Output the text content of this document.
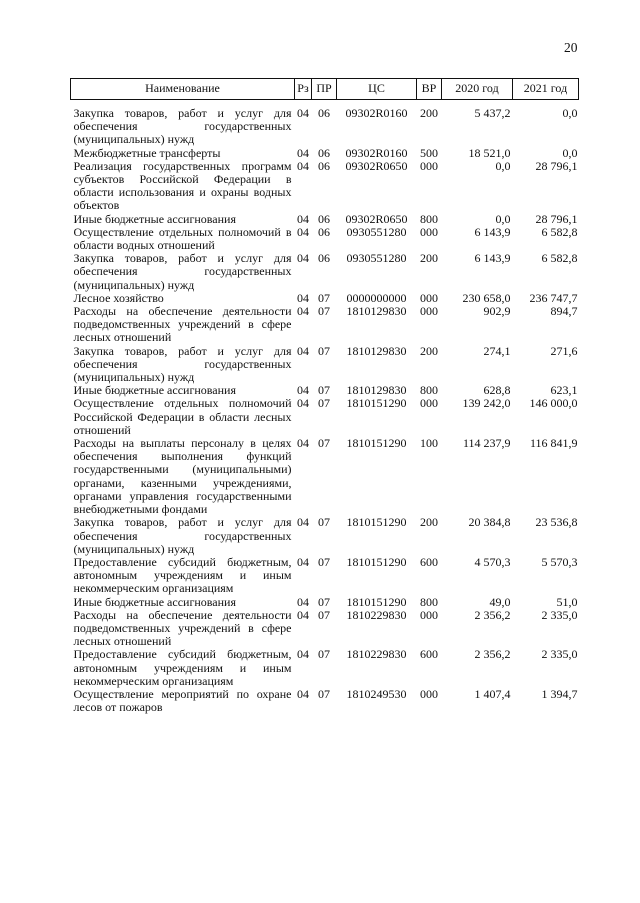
20
Наименование	Рз	ПР	ЦС	ВР	2020 год	2021 год
Закупка товаров, работ и услуг для обеспечения государственных (муниципальных) нужд	04	06	09302R0160	200	5 437,2	0,0
Межбюджетные трансферты	04	06	09302R0160	500	18 521,0	0,0
Реализация государственных программ субъектов Российской Федерации в области использования и охраны водных объектов	04	06	09302R0650	000	0,0	28 796,1
Иные бюджетные ассигнования	04	06	09302R0650	800	0,0	28 796,1
Осуществление отдельных полномочий в области водных отношений	04	06	0930551280	000	6 143,9	6 582,8
Закупка товаров, работ и услуг для обеспечения государственных (муниципальных) нужд	04	06	0930551280	200	6 143,9	6 582,8
Лесное хозяйство	04	07	0000000000	000	230 658,0	236 747,7
Расходы на обеспечение деятельности подведомственных учреждений в сфере лесных отношений	04	07	1810129830	000	902,9	894,7
Закупка товаров, работ и услуг для обеспечения государственных (муниципальных) нужд	04	07	1810129830	200	274,1	271,6
Иные бюджетные ассигнования	04	07	1810129830	800	628,8	623,1
Осуществление отдельных полномочий Российской Федерации в области лесных отношений	04	07	1810151290	000	139 242,0	146 000,0
Расходы на выплаты персоналу в целях обеспечения выполнения функций государственными (муниципальными) органами, казенными учреждениями, органами управления государственными внебюджетными фондами	04	07	1810151290	100	114 237,9	116 841,9
Закупка товаров, работ и услуг для обеспечения государственных (муниципальных) нужд	04	07	1810151290	200	20 384,8	23 536,8
Предоставление субсидий бюджетным, автономным учреждениям и иным некоммерческим организациям	04	07	1810151290	600	4 570,3	5 570,3
Иные бюджетные ассигнования	04	07	1810151290	800	49,0	51,0
Расходы на обеспечение деятельности подведомственных учреждений в сфере лесных отношений	04	07	1810229830	000	2 356,2	2 335,0
Предоставление субсидий бюджетным, автономным учреждениям и иным некоммерческим организациям	04	07	1810229830	600	2 356,2	2 335,0
Осуществление мероприятий по охране лесов от пожаров	04	07	1810249530	000	1 407,4	1 394,7
